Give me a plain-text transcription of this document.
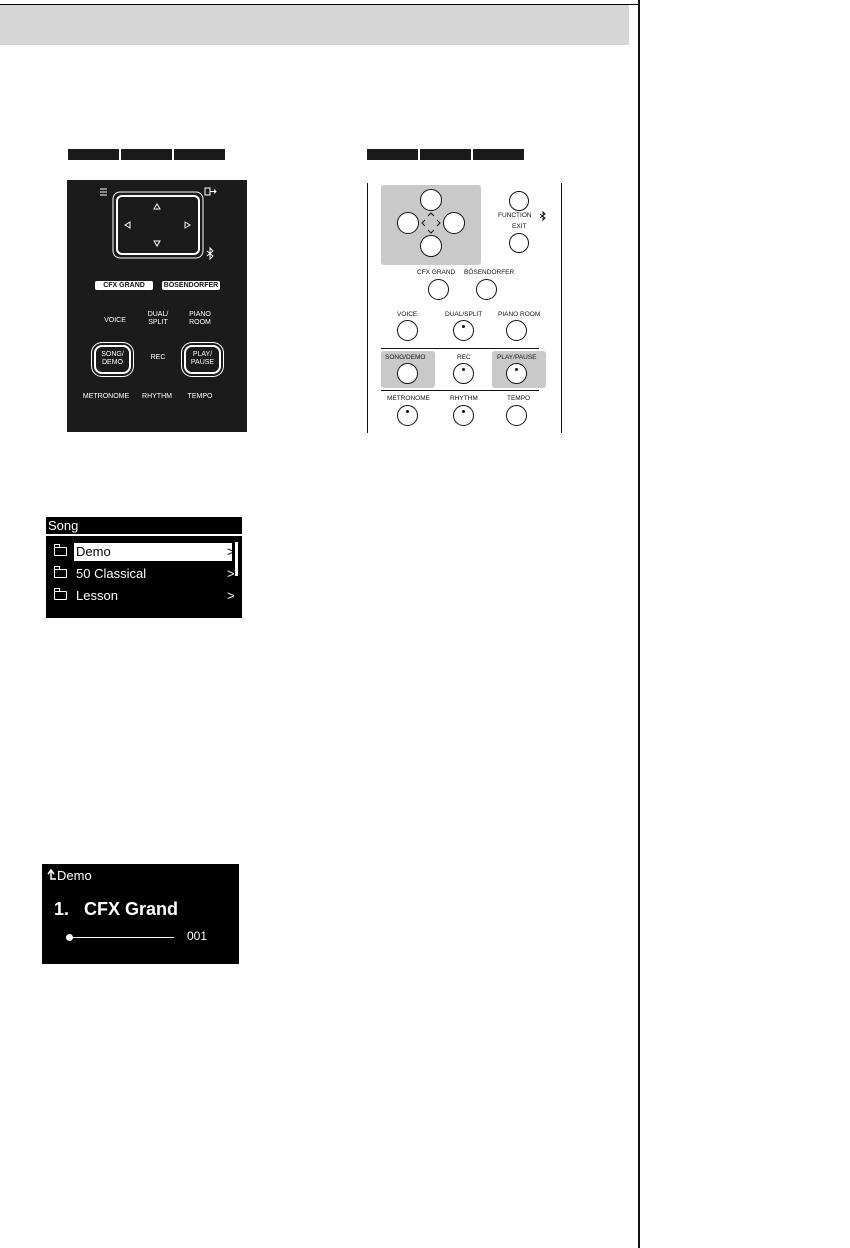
CFX GRAND	BÖSENDORFER
VOICE
DUAL/
SPLIT
PIANO
ROOM
SONG/
DEMO
REC	PLAY/
PAUSE
METRONOME	RHYTHM	TEMPO
FUNCTION
EXIT
CFX GRAND BÖSENDORFER
VOICE	DUAL/SPLIT PIANO ROOM
SONG/DEMO	REC	PLAY/PAUSE
METRONOME	RHYTHM	TEMPO
Song
Demo	>
50 Classical	>
Lesson	>
Demo
1.   CFX Grand
001
